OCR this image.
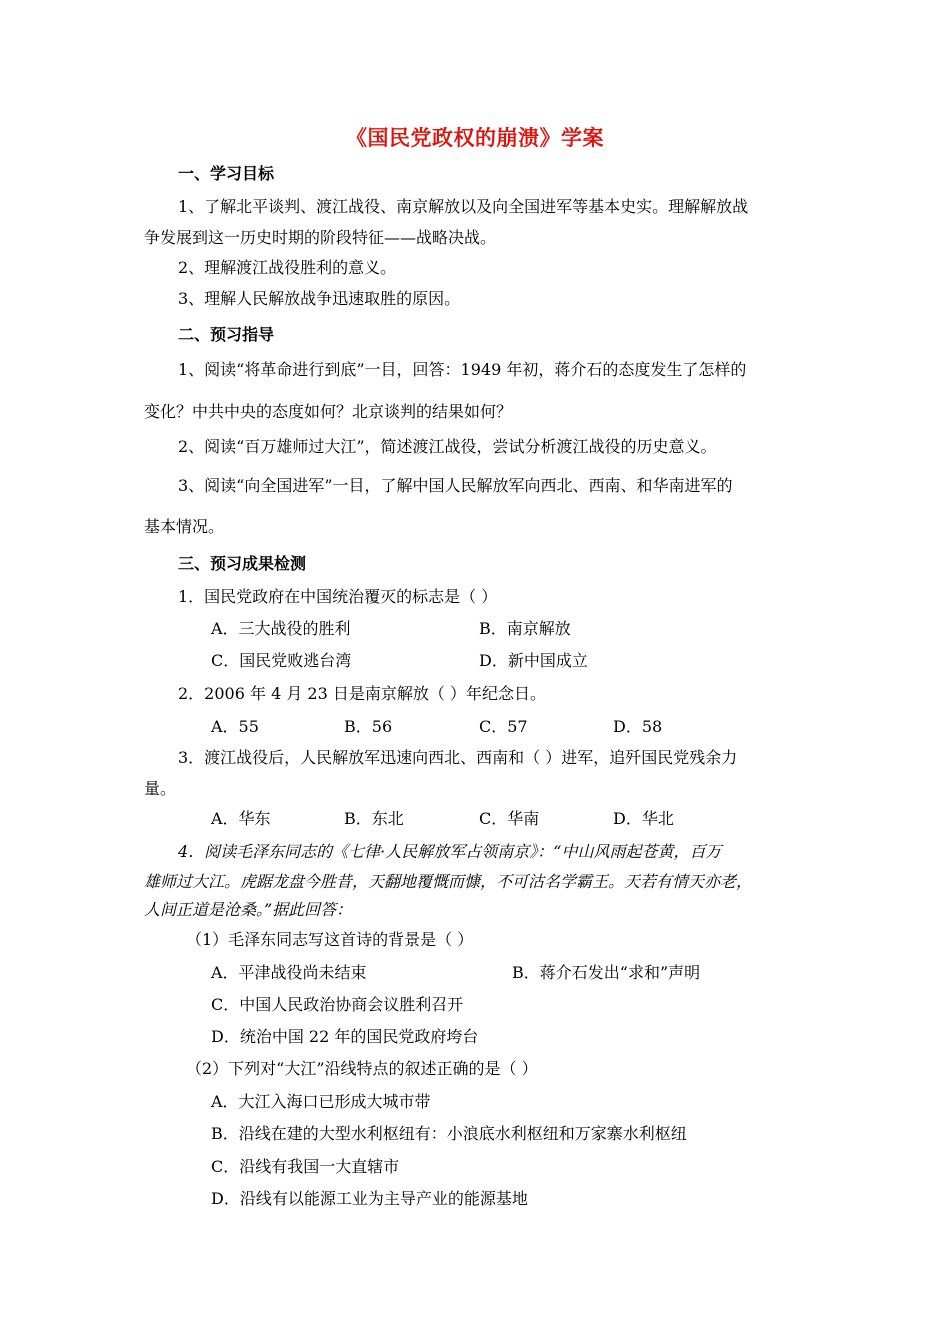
《国民党政权的崩溃》学案
一、学习目标
1、了解北平谈判、渡江战役、南京解放以及向全国进军等基本史实。理解解放战
争发展到这一历史时期的阶段特征——战略决战。
2、理解渡江战役胜利的意义。
3、理解人民解放战争迅速取胜的原因。
二、预习指导
1、阅读“将革命进行到底”一目，回答：1949 年初，蒋介石的态度发生了怎样的
变化？中共中央的态度如何？北京谈判的结果如何？
2、阅读“百万雄师过大江”，简述渡江战役，尝试分析渡江战役的历史意义。
3、阅读“向全国进军”一目，了解中国人民解放军向西北、西南、和华南进军的
基本情况。
三、预习成果检测
1．国民党政府在中国统治覆灭的标志是（ ）
A．三大战役的胜利	B．南京解放
C．国民党败逃台湾	D．新中国成立
2．2006 年 4 月 23 日是南京解放（ ）年纪念日。
A．55	B．56	C．57	D．58
3．渡江战役后，人民解放军迅速向西北、西南和（ ）进军，追歼国民党残余力
量。
A．华东	B．东北	C．华南	D．华北
4．阅读毛泽东同志的《七律·人民解放军占领南京》：“中山风雨起苍黄，百万
雄师过大江。虎踞龙盘今胜昔，天翻地覆慨而慷，不可沽名学霸王。天若有情天亦老，
人间正道是沧桑。”据此回答：
（1）毛泽东同志写这首诗的背景是（ ）
A．平津战役尚未结束	B．蒋介石发出“求和”声明
C．中国人民政治协商会议胜利召开
D．统治中国 22 年的国民党政府垮台
（2）下列对“大江”沿线特点的叙述正确的是（ ）
A．大江入海口已形成大城市带
B．沿线在建的大型水利枢纽有：小浪底水利枢纽和万家寨水利枢纽
C．沿线有我国一大直辖市
D．沿线有以能源工业为主导产业的能源基地
